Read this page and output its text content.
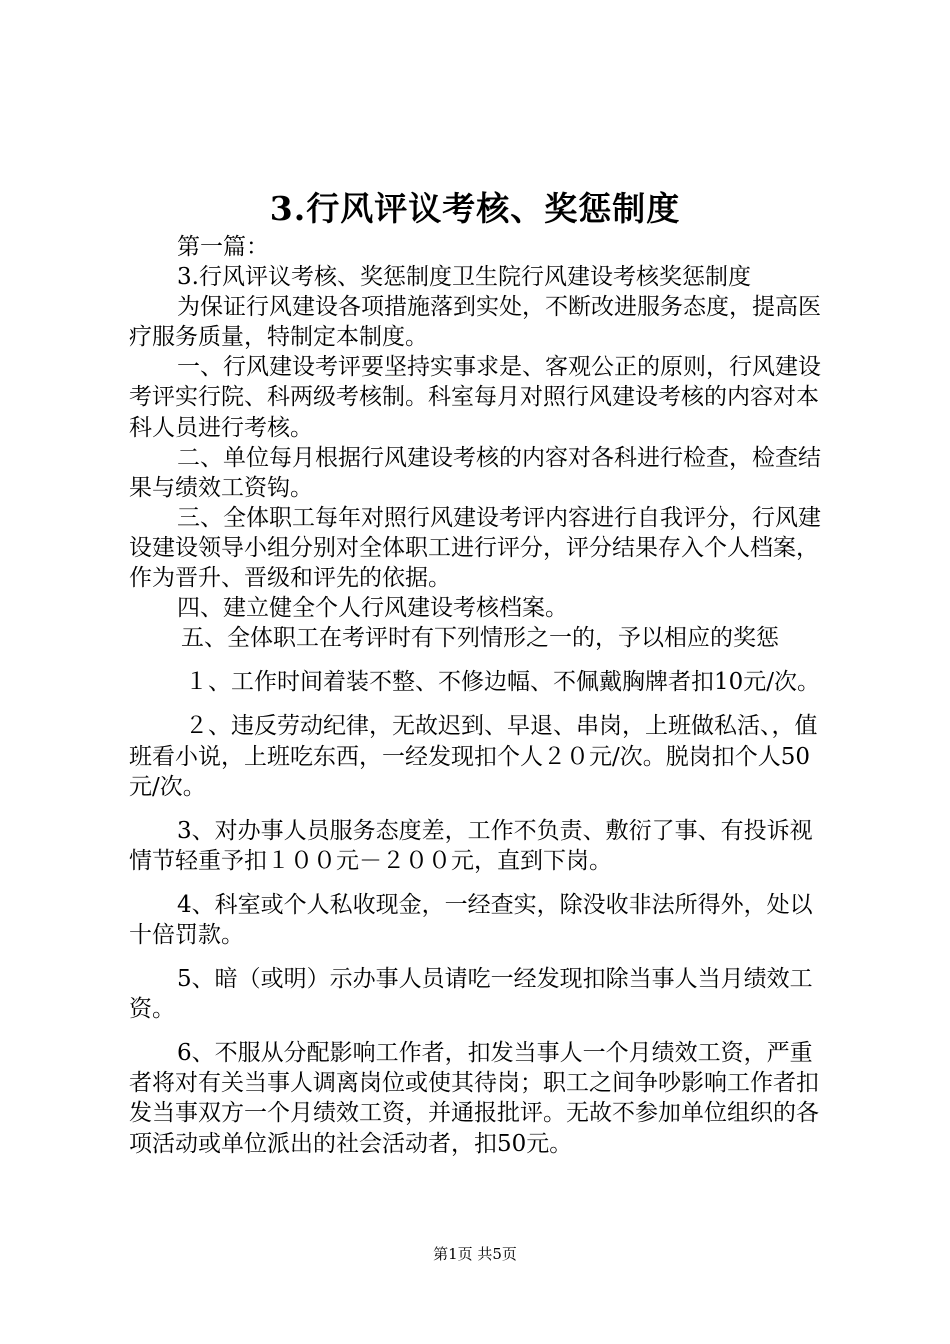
3.行风评议考核、奖惩制度

第一篇：

3.行风评议考核、奖惩制度卫生院行风建设考核奖惩制度

为保证行风建设各项措施落到实处，不断改进服务态度，提高医疗服务质量，特制定本制度。

一、行风建设考评要坚持实事求是、客观公正的原则，行风建设考评实行院、科两级考核制。科室每月对照行风建设考核的内容对本科人员进行考核。

二、单位每月根据行风建设考核的内容对各科进行检查，检查结果与绩效工资钩。

三、全体职工每年对照行风建设考评内容进行自我评分，行风建设建设领导小组分别对全体职工进行评分，评分结果存入个人档案，作为晋升、晋级和评先的依据。

四、建立健全个人行风建设考核档案。

五、全体职工在考评时有下列情形之一的，予以相应的奖惩

１、工作时间着装不整、不修边幅、不佩戴胸牌者扣10元/次。

２、违反劳动纪律，无故迟到、早退、串岗，上班做私活、，值班看小说，上班吃东西，一经发现扣个人２０元/次。脱岗扣个人50元/次。

3、对办事人员服务态度差，工作不负责、敷衍了事、有投诉视情节轻重予扣１００元－２００元，直到下岗。

4、科室或个人私收现金，一经查实，除没收非法所得外，处以十倍罚款。

5、暗（或明）示办事人员请吃一经发现扣除当事人当月绩效工资。

6、不服从分配影响工作者，扣发当事人一个月绩效工资，严重者将对有关当事人调离岗位或使其待岗；职工之间争吵影响工作者扣发当事双方一个月绩效工资，并通报批评。无故不参加单位组织的各项活动或单位派出的社会活动者，扣50元。

第1页 共5页
